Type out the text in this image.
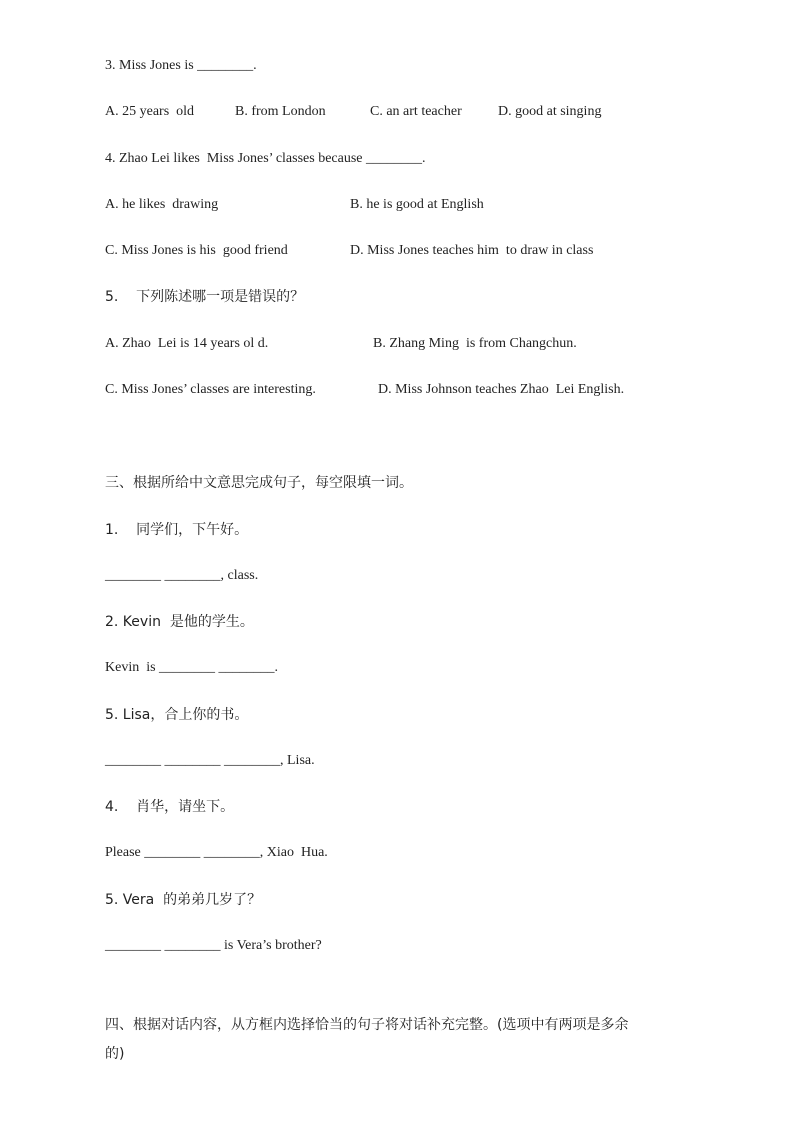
3. Miss Jones is ________.
A. 25 years  old	B. from London	C. an art teacher	D. good at singing
4. Zhao Lei likes  Miss Jones’ classes because ________.
A. he likes  drawing	B. he is good at English
C. Miss Jones is his  good friend	D. Miss Jones teaches him  to draw in class
5.    下列陈述哪一项是错误的？
A. Zhao  Lei is 14 years ol d.	B. Zhang Ming  is from Changchun.
C. Miss Jones’ classes are interesting.	D. Miss Johnson teaches Zhao  Lei English.
三、根据所给中文意思完成句子，每空限填一词。
1.    同学们，下午好。
________ ________, class.
2. Kevin  是他的学生。
Kevin  is ________ ________.
5. Lisa，合上你的书。
________ ________ ________, Lisa.
4.    肖华，请坐下。
Please ________ ________, Xiao  Hua.
5. Vera  的弟弟几岁了？
________ ________ is Vera’s brother?
四、根据对话内容，从方框内选择恰当的句子将对话补充完整。(选项中有两项是多余
的)
